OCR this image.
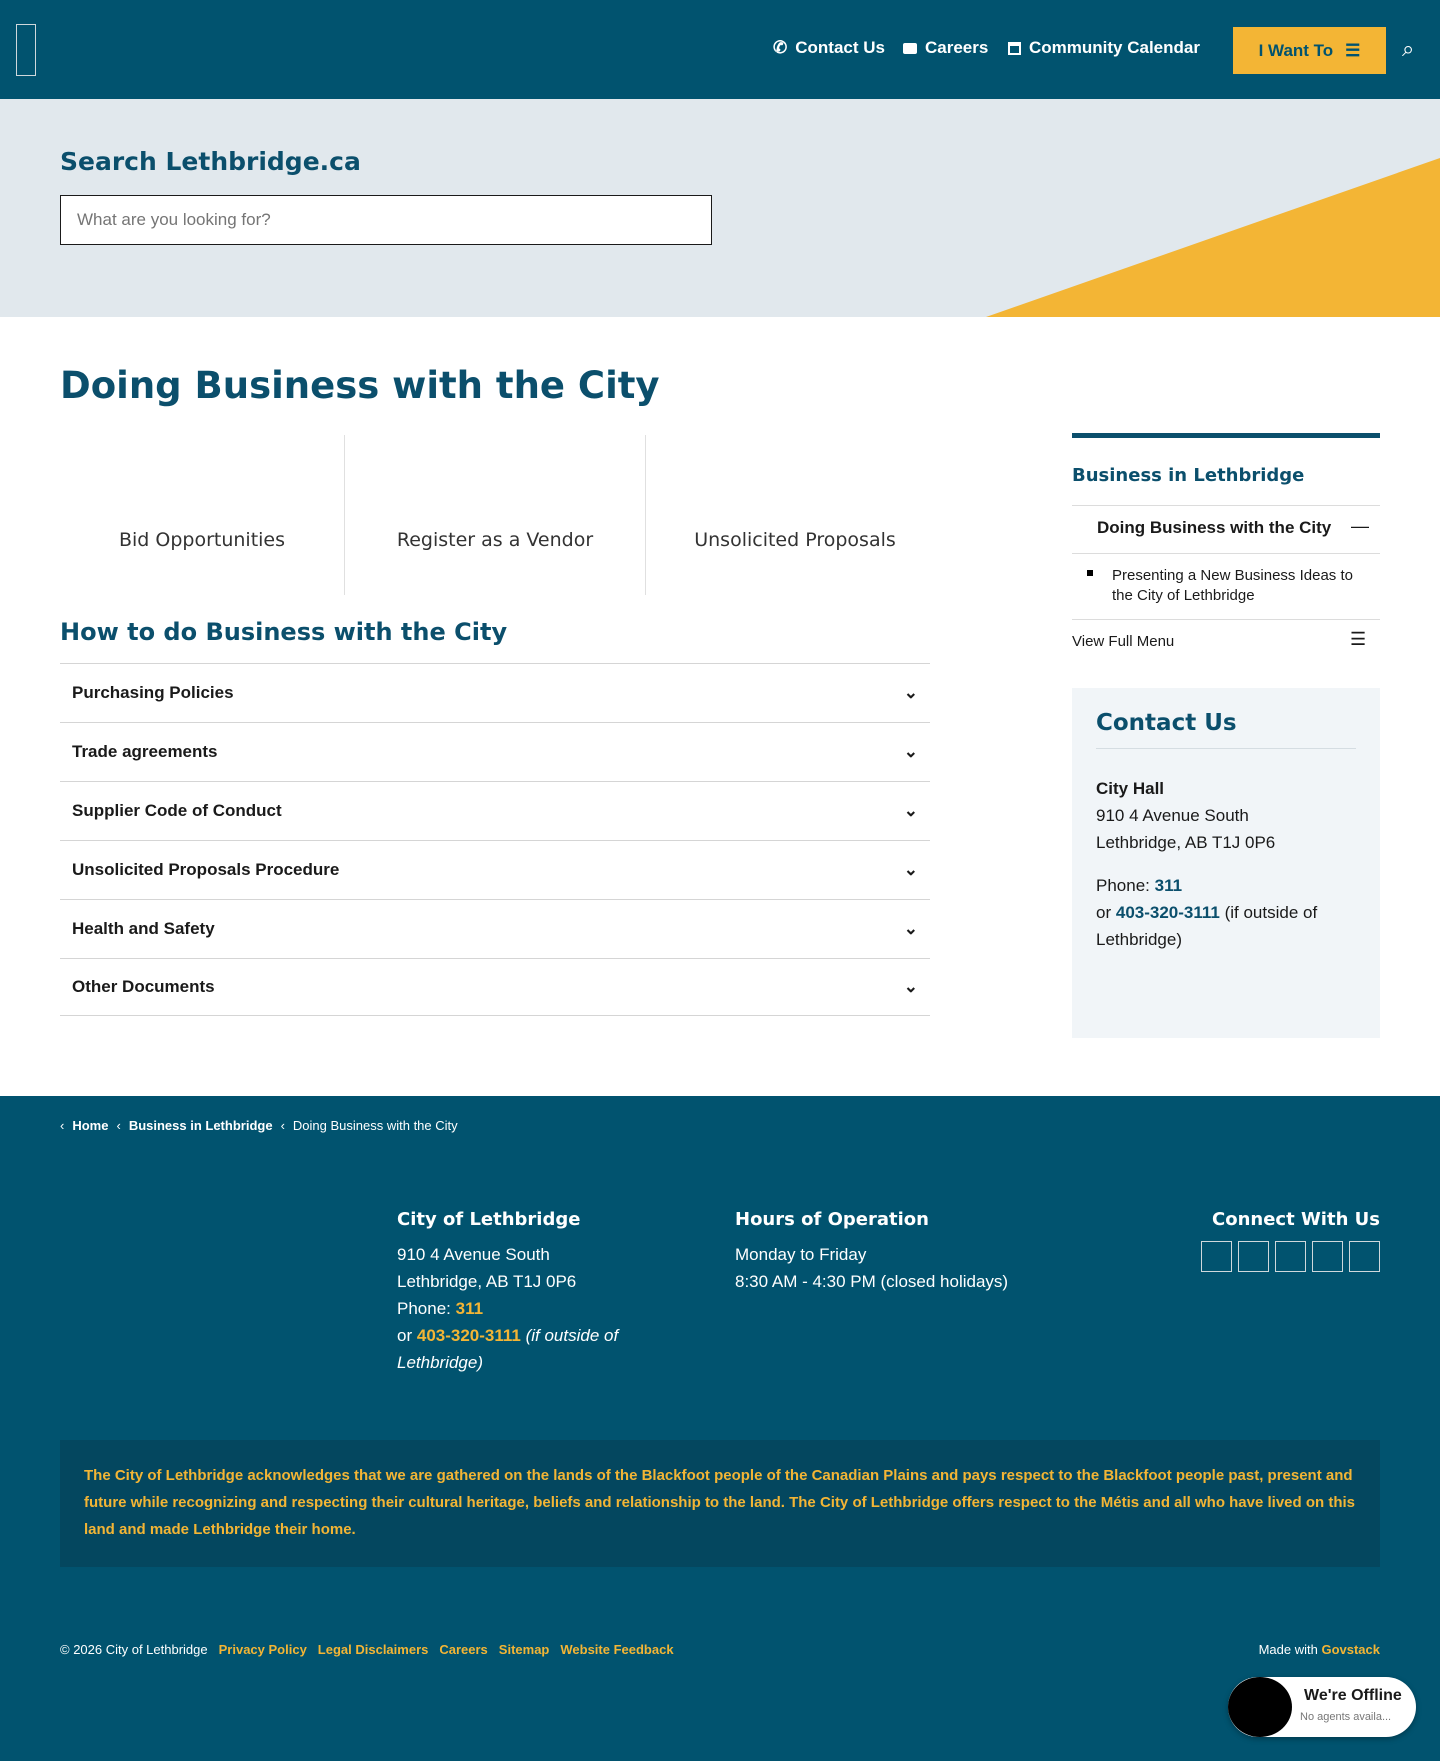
✆ Contact Us Careers Community Calendar	I Want To ☰ ⌕
Search Lethbridge.ca
What are you looking for?
Doing Business with the City
Bid Opportunities	Register as a Vendor	Unsolicited Proposals
How to do Business with the City
Purchasing Policies	⌄
Trade agreements	⌄
Supplier Code of Conduct	⌄
Unsolicited Proposals Procedure	⌄
Health and Safety	⌄
Other Documents	⌄
Business in Lethbridge
Doing Business with the City —
Presenting a New Business Ideas to the City of Lethbridge
View Full Menu	☰
Contact Us
City Hall
910 4 Avenue South
Lethbridge, AB T1J 0P6
Phone: 311
or 403-320-3111 (if outside of Lethbridge)
‹ Home ‹ Business in Lethbridge ‹ Doing Business with the City
City of Lethbridge
910 4 Avenue South
Lethbridge, AB T1J 0P6
Phone: 311
or 403-320-3111 (if outside of Lethbridge)
Hours of Operation
Monday to Friday
8:30 AM - 4:30 PM (closed holidays)
Connect With Us
The City of Lethbridge acknowledges that we are gathered on the lands of the Blackfoot people of the Canadian Plains and pays respect to the Blackfoot people past, present and future while recognizing and respecting their cultural heritage, beliefs and relationship to the land. The City of Lethbridge offers respect to the Métis and all who have lived on this land and made Lethbridge their home.
© 2026 City of Lethbridge Privacy Policy Legal Disclaimers Careers Sitemap Website Feedback	Made with Govstack
We're Offline
No agents availa...
